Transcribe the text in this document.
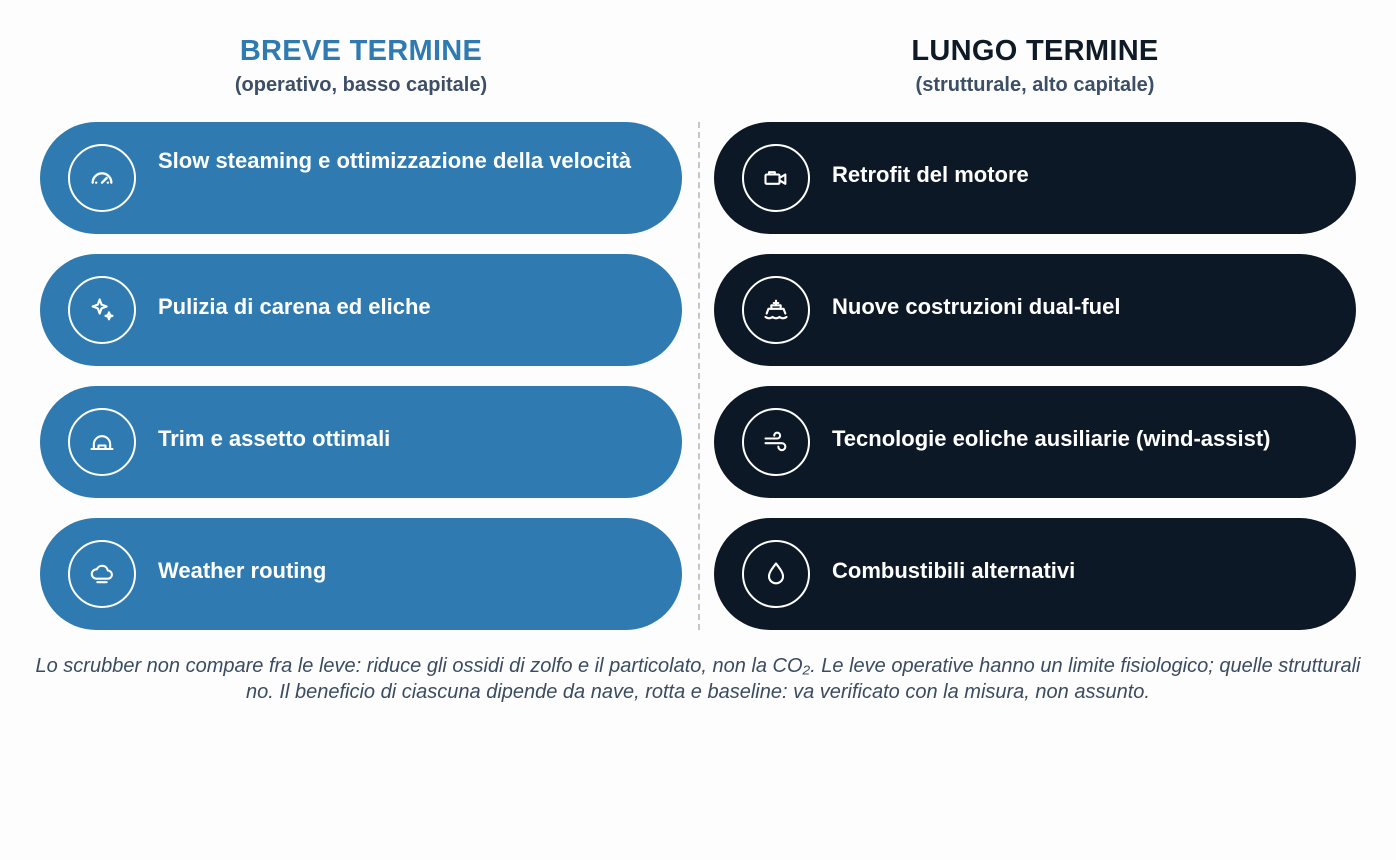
BREVE TERMINE
(operativo, basso capitale)
LUNGO TERMINE
(strutturale, alto capitale)
Slow steaming e ottimizzazione della velocità
Pulizia di carena ed eliche
Trim e assetto ottimali
Weather routing
Retrofit del motore
Nuove costruzioni dual-fuel
Tecnologie eoliche ausiliarie (wind-assist)
Combustibili alternativi
Lo scrubber non compare fra le leve: riduce gli ossidi di zolfo e il particolato, non la CO₂. Le leve operative hanno un limite fisiologico; quelle strutturali no. Il beneficio di ciascuna dipende da nave, rotta e baseline: va verificato con la misura, non assunto.
